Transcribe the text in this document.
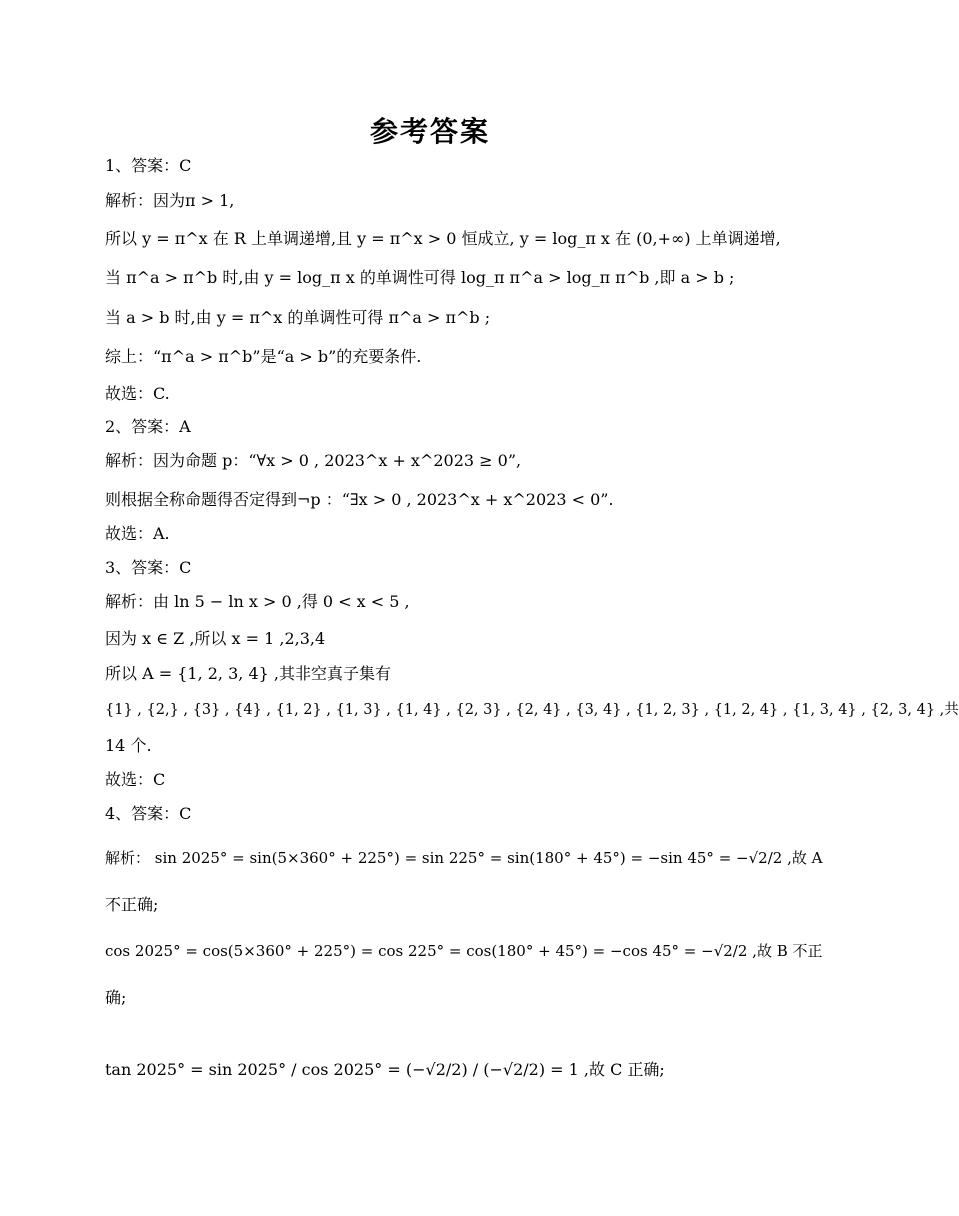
参考答案
1、答案：C
解析：因为π > 1,
所以 y = π^x 在 R 上单调递增,且 y = π^x > 0 恒成立, y = log_π x 在 (0,+∞) 上单调递增,
当 π^a > π^b 时,由 y = log_π x 的单调性可得 log_π π^a > log_π π^b ,即 a > b ;
当 a > b 时,由 y = π^x 的单调性可得 π^a > π^b ;
综上：“π^a > π^b”是“a > b”的充要条件.
故选：C.
2、答案：A
解析：因为命题 p：“∀x > 0 , 2023^x + x^2023 ≥ 0”,
则根据全称命题得否定得到¬p ：“∃x > 0 , 2023^x + x^2023 < 0”.
故选：A.
3、答案：C
解析：由 ln 5 − ln x > 0 ,得 0 < x < 5 ,
因为 x ∈ Z ,所以 x = 1 ,2,3,4
所以 A = {1, 2, 3, 4} ,其非空真子集有
{1} , {2,} , {3} , {4} , {1, 2} , {1, 3} , {1, 4} , {2, 3} , {2, 4} , {3, 4} , {1, 2, 3} , {1, 2, 4} , {1, 3, 4} , {2, 3, 4} ,共
14 个.
故选：C
4、答案：C
解析： sin 2025° = sin(5×360° + 225°) = sin 225° = sin(180° + 45°) = −sin 45° = −√2/2 ,故 A
不正确;
cos 2025° = cos(5×360° + 225°) = cos 225° = cos(180° + 45°) = −cos 45° = −√2/2 ,故 B 不正
确;
tan 2025° = sin 2025° / cos 2025° = (−√2/2) / (−√2/2) = 1 ,故 C 正确;
